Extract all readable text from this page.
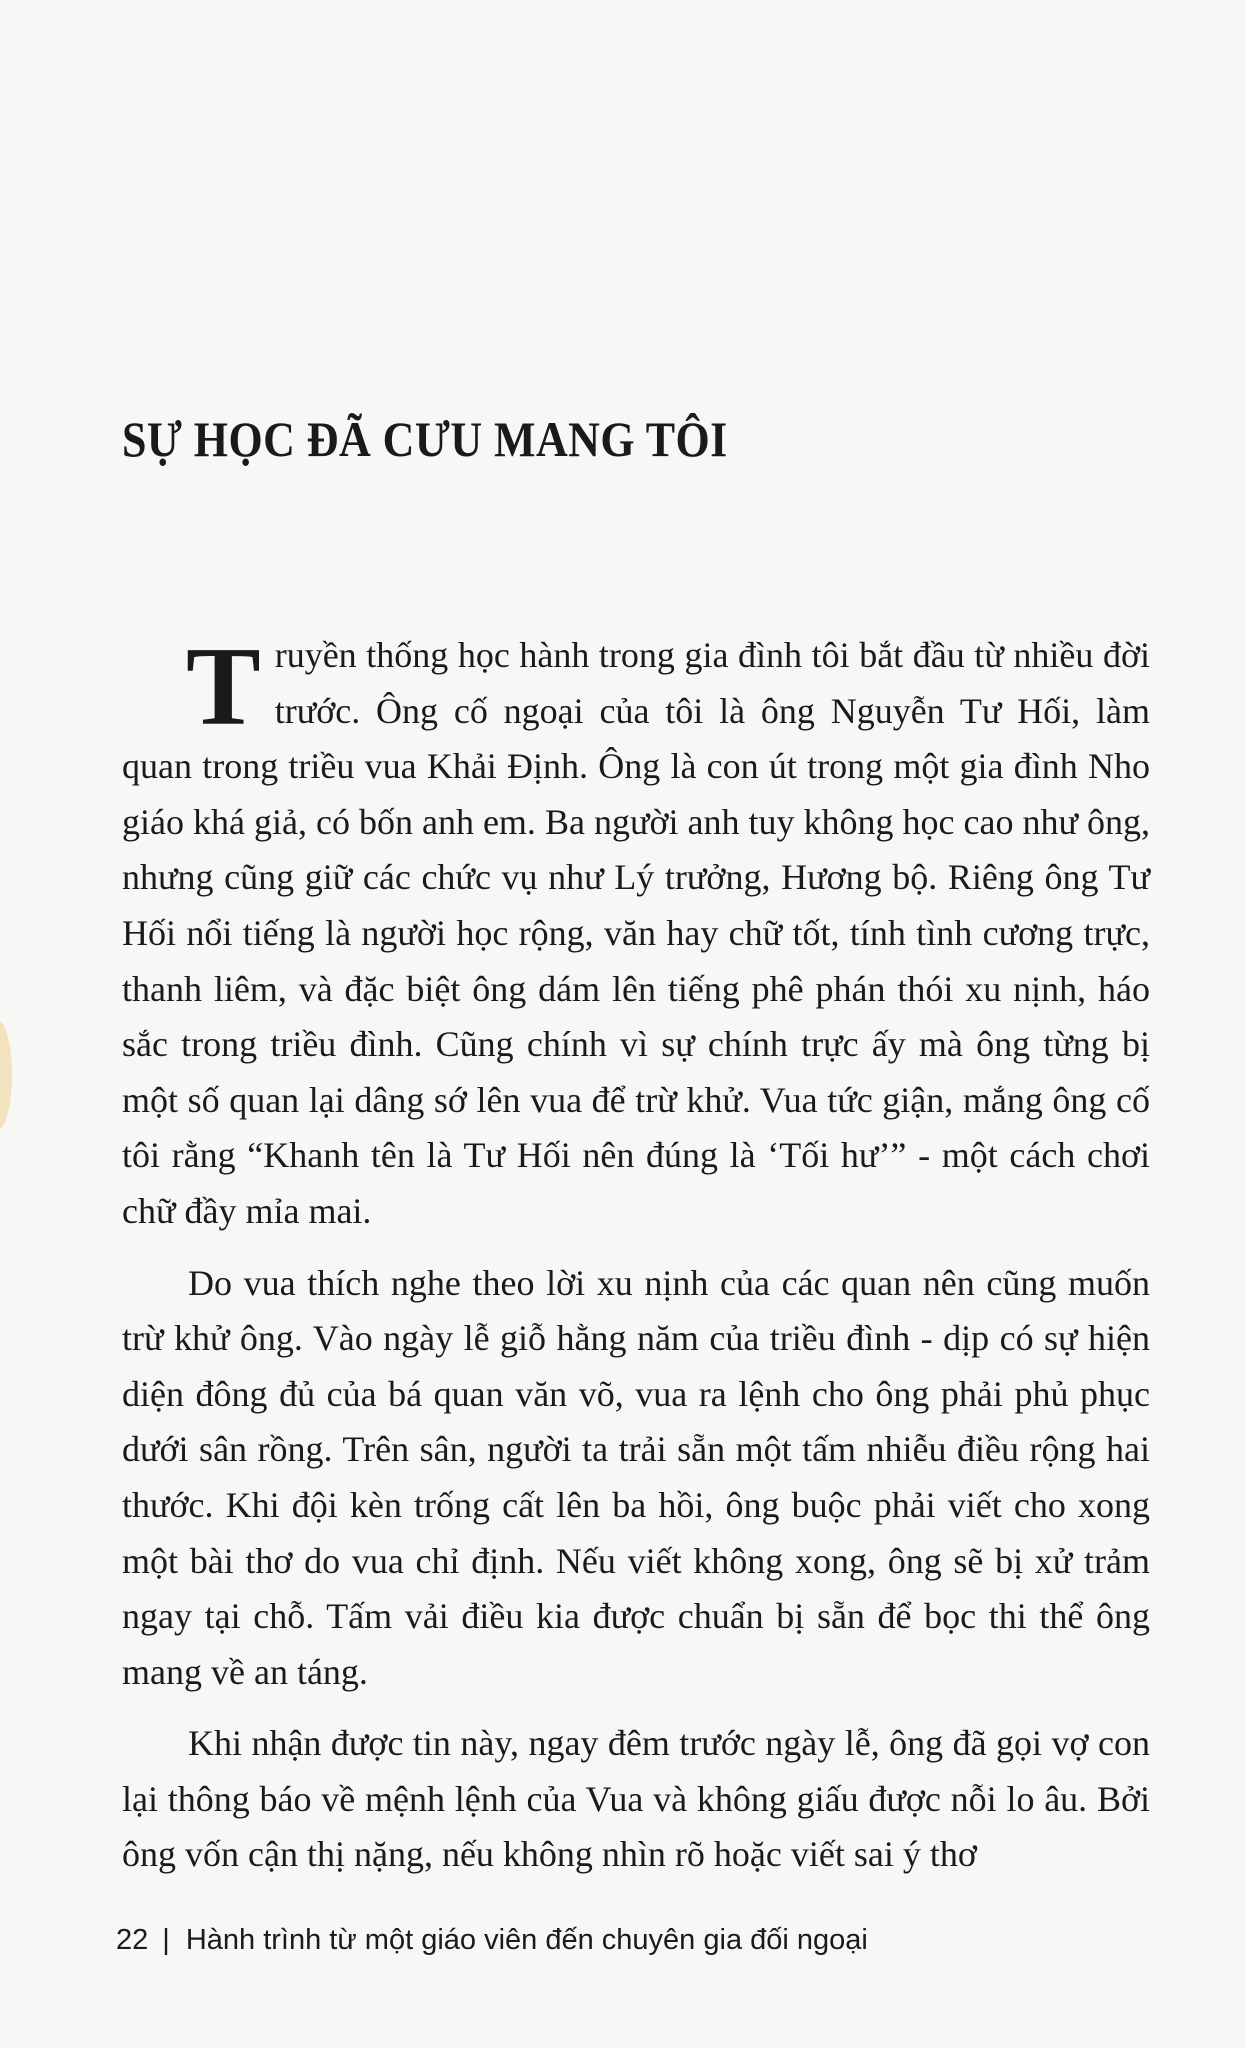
SỰ HỌC ĐÃ CƯU MANG TÔI

Truyền thống học hành trong gia đình tôi bắt đầu từ nhiều đời trước. Ông cố ngoại của tôi là ông Nguyễn Tư Hối, làm quan trong triều vua Khải Định. Ông là con út trong một gia đình Nho giáo khá giả, có bốn anh em. Ba người anh tuy không học cao như ông, nhưng cũng giữ các chức vụ như Lý trưởng, Hương bộ. Riêng ông Tư Hối nổi tiếng là người học rộng, văn hay chữ tốt, tính tình cương trực, thanh liêm, và đặc biệt ông dám lên tiếng phê phán thói xu nịnh, háo sắc trong triều đình. Cũng chính vì sự chính trực ấy mà ông từng bị một số quan lại dâng sớ lên vua để trừ khử. Vua tức giận, mắng ông cố tôi rằng “Khanh tên là Tư Hối nên đúng là ‘Tối hư’” - một cách chơi chữ đầy mỉa mai.

Do vua thích nghe theo lời xu nịnh của các quan nên cũng muốn trừ khử ông. Vào ngày lễ giỗ hằng năm của triều đình - dịp có sự hiện diện đông đủ của bá quan văn võ, vua ra lệnh cho ông phải phủ phục dưới sân rồng. Trên sân, người ta trải sẵn một tấm nhiễu điều rộng hai thước. Khi đội kèn trống cất lên ba hồi, ông buộc phải viết cho xong một bài thơ do vua chỉ định. Nếu viết không xong, ông sẽ bị xử trảm ngay tại chỗ. Tấm vải điều kia được chuẩn bị sẵn để bọc thi thể ông mang về an táng.

Khi nhận được tin này, ngay đêm trước ngày lễ, ông đã gọi vợ con lại thông báo về mệnh lệnh của Vua và không giấu được nỗi lo âu. Bởi ông vốn cận thị nặng, nếu không nhìn rõ hoặc viết sai ý thơ

22 | Hành trình từ một giáo viên đến chuyên gia đối ngoại
